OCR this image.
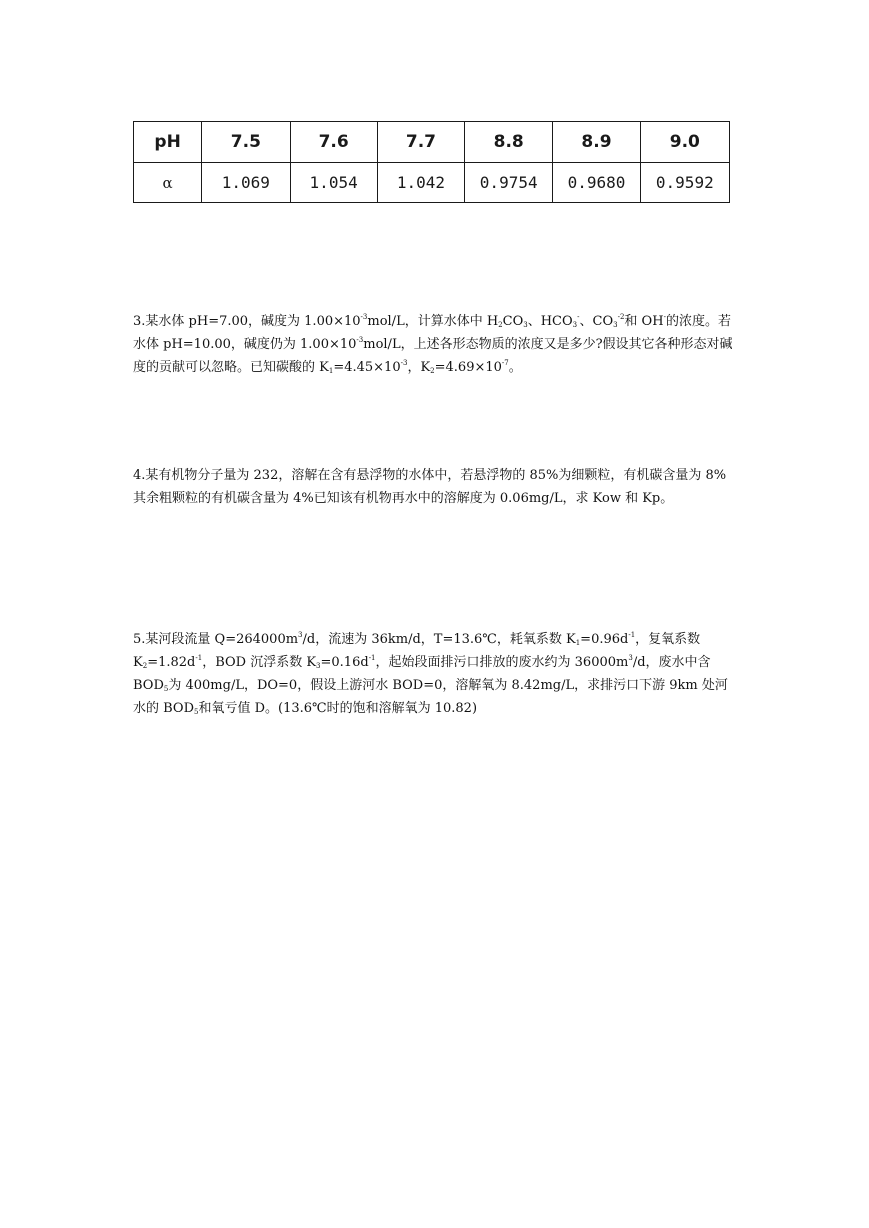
pH	7.5	7.6	7.7	8.8	8.9	9.0
α	1.069	1.054	1.042	0.9754	0.9680	0.9592

3.某水体 pH=7.00，碱度为 $1.00\times 10^{-3}mol/L$，计算水体中 $H_2CO_3$、$HCO_3^-$、$CO_3^{-2}$和 OH-的浓度。若水体 pH=10.00，碱度仍为 $1.00\times 10^{-3}mol/L$，上述各形态物质的浓度又是多少?假设其它各种形态对碱度的贡献可以忽略。已知碳酸的 $K_1=4.45\times 10^{-3}$，$K_2=4.69\times 10^{-7}$。

4.某有机物分子量为 232，溶解在含有悬浮物的水体中，若悬浮物的 85%为细颗粒，有机碳含量为 8%其余粗颗粒的有机碳含量为 4%已知该有机物再水中的溶解度为 0.06mg/L，求 Kow 和 Kp。

5.某河段流量 $Q=264000m^3/d$，流速为 36km/d，T=13.6℃，耗氧系数 $K_1=0.96d^{-1}$，复氧系数 $K_2=1.82d^{-1}$，BOD 沉浮系数 $K_3=0.16d^{-1}$，起始段面排污口排放的废水约为 $36000m^3/d$，废水中含 $BOD_5$为 400mg/L，DO=0，假设上游河水 BOD=0，溶解氧为 8.42mg/L，求排污口下游 9km 处河水的 $BOD_5$和氧亏值 D。(13.6℃时的饱和溶解氧为 10.82)
